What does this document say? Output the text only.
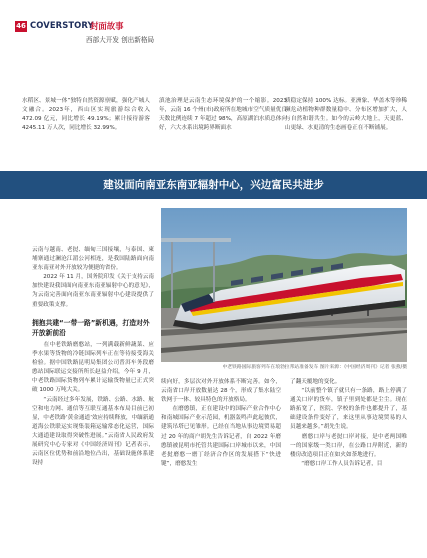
46 COVERSTORY
封面故事
西部大开发 创出新格局
水稻区、景城一体”独特自然资源禀赋，强化产城人文融合。2023年，西山区实现旅游综合收入 472.09 亿元，同比增长 49.19%；累计接待游客 4245.11 万人次，同比增长 32.99%。
滇池治理是云南生态环境保护的一个缩影。2023 年，云南 16 个州(市)政府所在地城市空气质量优良天数比例连续 7 年超过 98%，高原湖泊水质总体向好，六大水系出境跨界断面水
质稳定保持 100% 达标。亚洲象、华盖木等珍稀濒危动植物种群数量稳中、分布区增加扩大，人与自然和谐共生。如今的云岭大地上，天更蓝、山更绿、水更清的生态画卷正在不断铺展。
建设面向南亚东南亚辐射中心，兴边富民共进步
云南与越南、老挝、缅甸三国接壤，与泰国、柬埔寨通过澜沧江湄公河相连，是我国陆路面向南亚东南亚对外开放较为便捷的省份。
　　2022 年 11 月，国务院印发《关于支持云南加快建设我国面向南亚东南亚辐射中心的意见》，为云南完善面向南亚东南亚辐射中心建设提供了重要政策支撑。
拥抱共建“一带一路”新机遇，打造对外开放新前沿
　　在中老铁路磨憨站，一列满载新鲜蔬菜、应季水果等货物的冷链国际列车正在等待接受海关检验。据中国铁路昆明局集团公司普洱车务段磨憨站国际联运交接所所长赵益介绍，今年 9 月，中老铁路国际货物列车累计运输货物量已正式突破 1000 万吨大关。
　　“云南经过多年发展，铁路、公路、水路、航空和电力网、通信等互联互通基本布局目前已初显，中老铁路‘黄金通道’效应持续释放，中缅新通道海公铁联运实现集装箱运输常态化运营，国际大通道建设取得突破性进展。”云南省人民政府发展研究中心专家对《中国经济周刊》记者表示，云南区位优势和前沿地位凸出，基础设施体系建设持
中老铁路国际旅客列车在琅勃拉邦站准备发车 图片来源：《中国经济周刊》记者 张燕/摄
续向好，多层次对外开放体系不断完善。如今，云南省口岸开放数量达 28 个，形成了集水陆空铁网于一体、较具特色的开放格局。
　　在磨憨镇，正在建设中的国际产业合作中心和南城国际产业示范园，机器轰鸣声此起彼伏，建筑吊塔已见雏形。已经在当地从事边境贸易超过 20 年的商户胡先生告诉记者，自 2022 年磨憨镇被昆明市托管共建国际口岸城市以来，中国老挝磨憨一磨丁经济合作区的发展搭下“快进键”，磨憨发生
了翻天覆地的变化。
　　“以前整个镇子就只有一条路，路上停满了通关口岸的货车，镇子里到处都是尘尘。现在路拓宽了，医院、学校的条件也都提升了，基础建设条件变好了，来这里从事边境贸易的人员越来越多。”胡先生说。
　　磨憨口岸与老挝口岸对接，是中老两国唯一的国家级一类口岸，在公路口岸附近，新的楼房改造项目正在如火如荼地进行。
　　“磨憨口岸工作人员告诉记者，目
